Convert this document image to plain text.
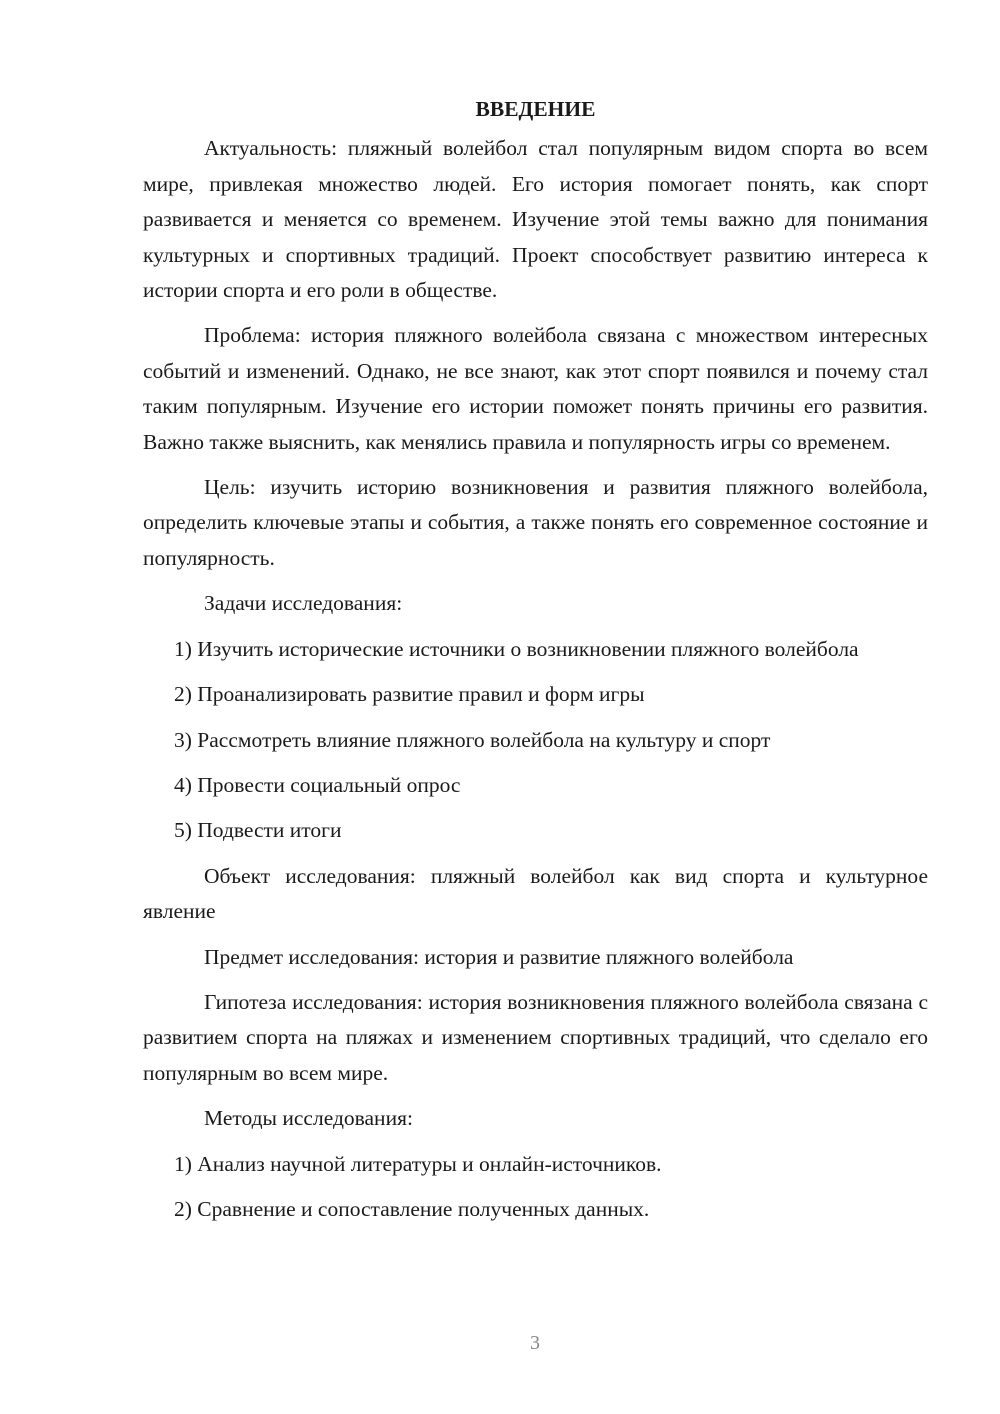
ВВЕДЕНИЕ

Актуальность: пляжный волейбол стал популярным видом спорта во всем мире, привлекая множество людей. Его история помогает понять, как спорт развивается и меняется со временем. Изучение этой темы важно для понимания культурных и спортивных традиций. Проект способствует развитию интереса к истории спорта и его роли в обществе.

Проблема: история пляжного волейбола связана с множеством интересных событий и изменений. Однако, не все знают, как этот спорт появился и почему стал таким популярным. Изучение его истории поможет понять причины его развития. Важно также выяснить, как менялись правила и популярность игры со временем.

Цель: изучить историю возникновения и развития пляжного волейбола, определить ключевые этапы и события, а также понять его современное состояние и популярность.

Задачи исследования:

1) Изучить исторические источники о возникновении пляжного волейбола

2) Проанализировать развитие правил и форм игры

3) Рассмотреть влияние пляжного волейбола на культуру и спорт

4) Провести социальный опрос

5) Подвести итоги

Объект исследования: пляжный волейбол как вид спорта и культурное явление

Предмет исследования: история и развитие пляжного волейбола

Гипотеза исследования: история возникновения пляжного волейбола связана с развитием спорта на пляжах и изменением спортивных традиций, что сделало его популярным во всем мире.

Методы исследования:

1) Анализ научной литературы и онлайн-источников.

2) Сравнение и сопоставление полученных данных.

3
